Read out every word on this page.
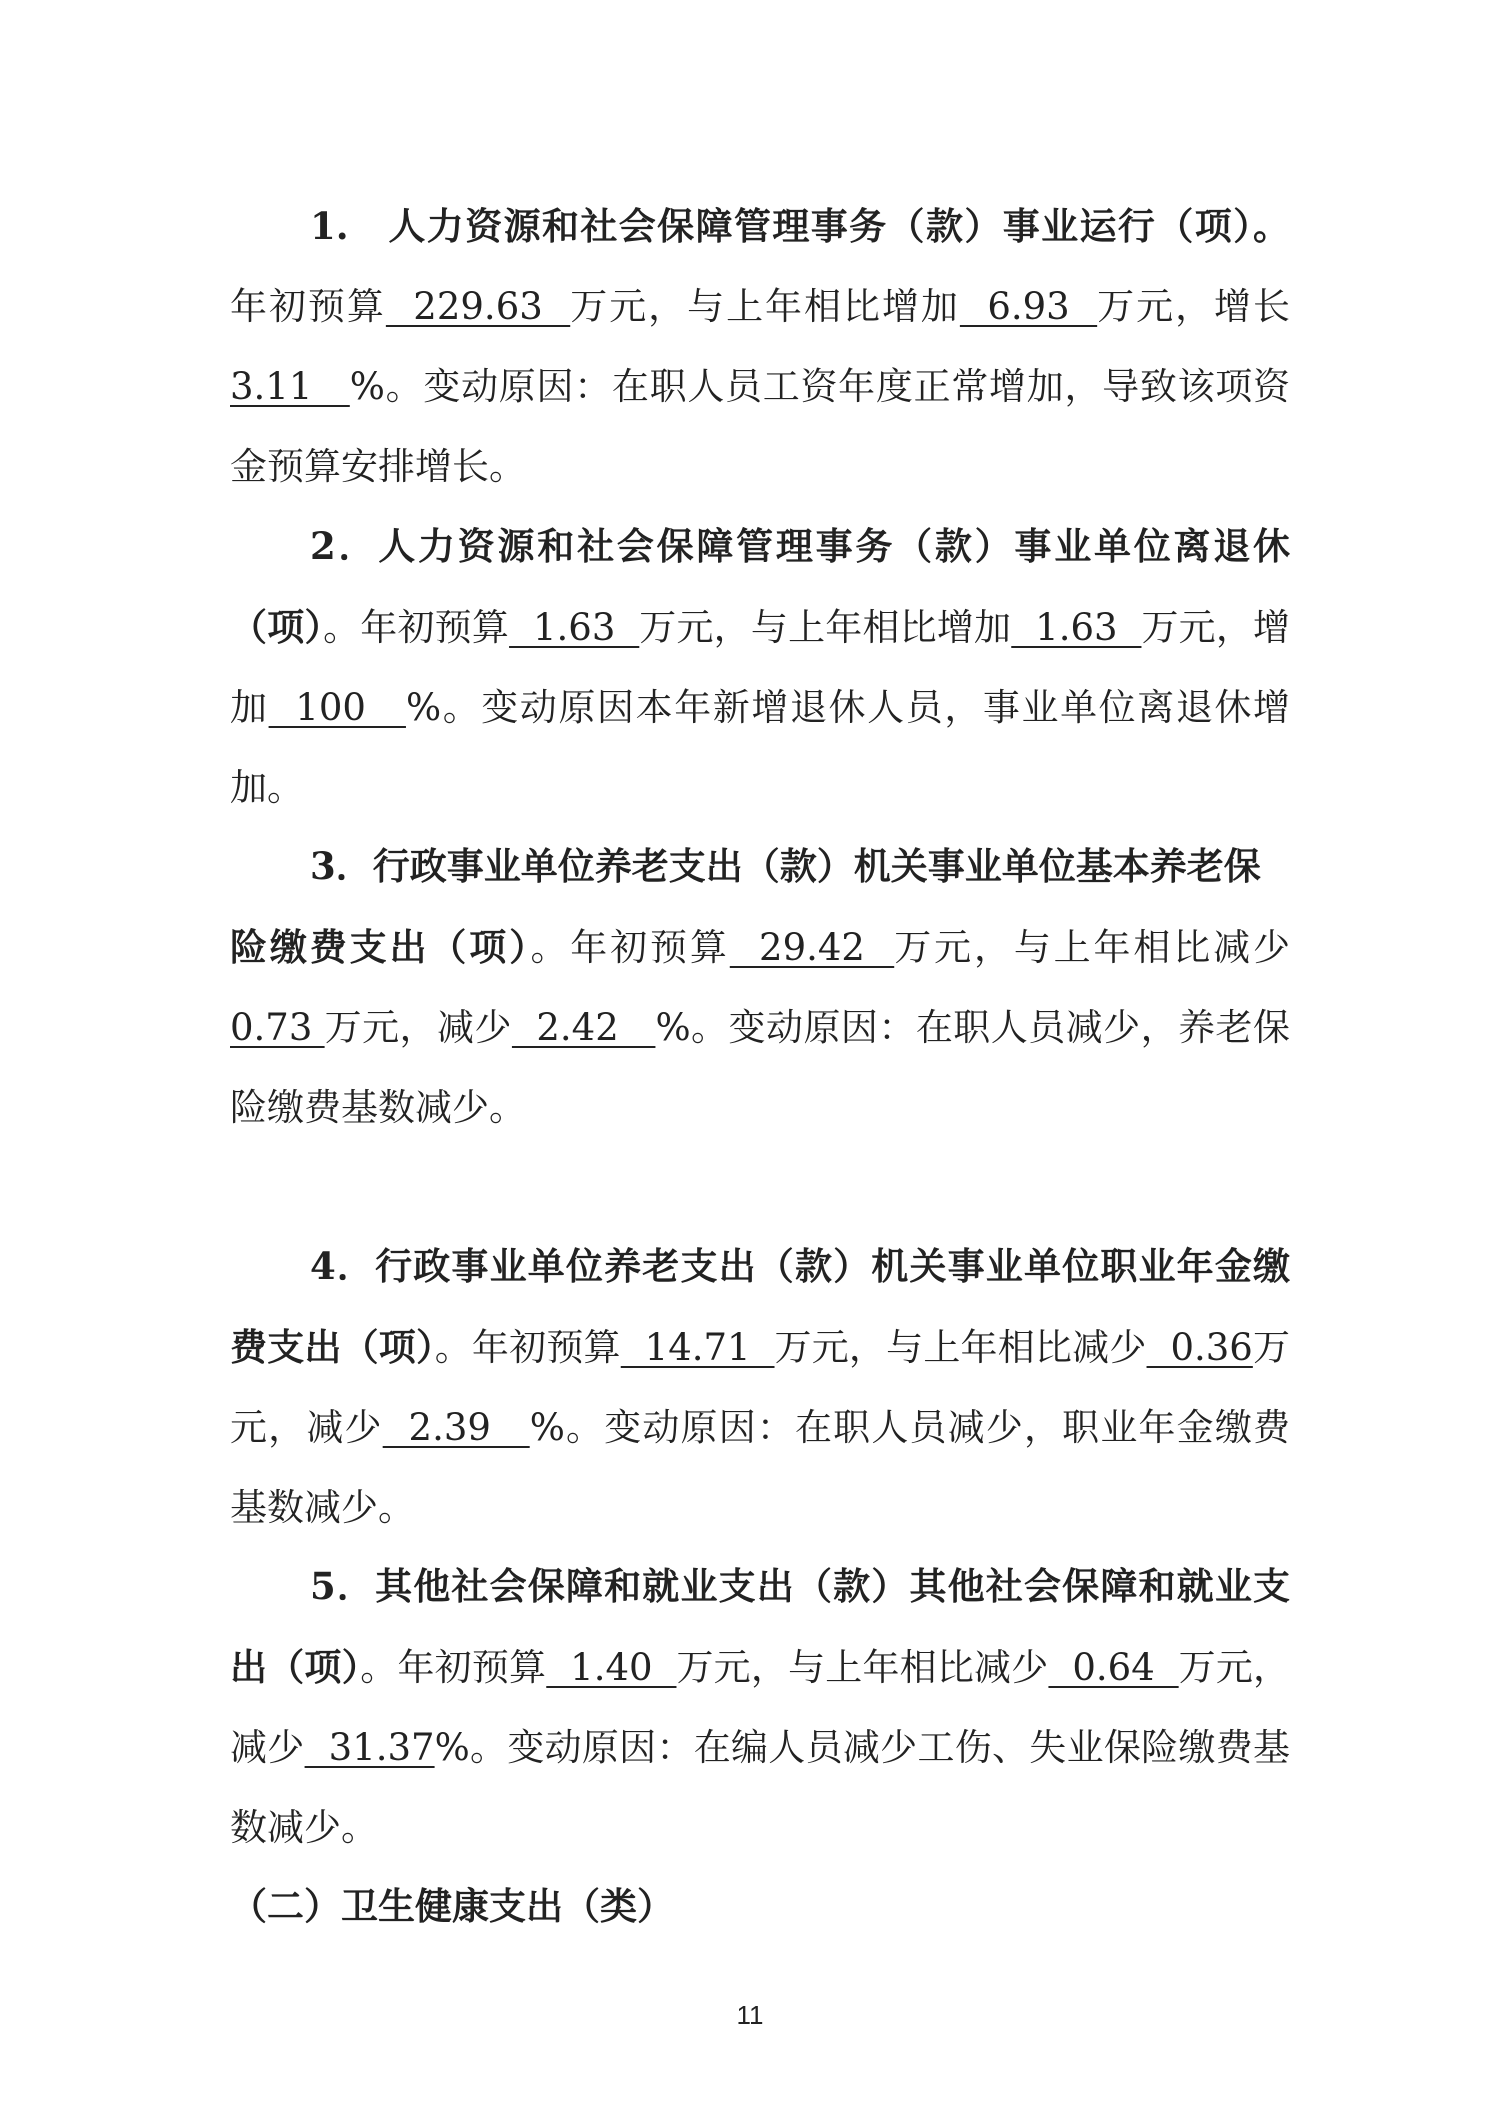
1.　人力资源和社会保障管理事务（款）事业运行（项）。年初预算  229.63  万元，与上年相比增加  6.93  万元，增长3.11   %。变动原因：在职人员工资年度正常增加，导致该项资金预算安排增长。

2．人力资源和社会保障管理事务（款）事业单位离退休（项）。年初预算  1.63  万元，与上年相比增加  1.63  万元，增加  100   %。变动原因本年新增退休人员，事业单位离退休增加。

3．行政事业单位养老支出（款）机关事业单位基本养老保
险缴费支出（项）。年初预算  29.42  万元，与上年相比减少0.73 万元，减少  2.42   %。变动原因：在职人员减少，养老保险缴费基数减少。

4．行政事业单位养老支出（款）机关事业单位职业年金缴费支出（项）。年初预算  14.71  万元，与上年相比减少  0.36万元，减少  2.39   %。变动原因：在职人员减少，职业年金缴费基数减少。

5．其他社会保障和就业支出（款）其他社会保障和就业支出（项）。年初预算  1.40  万元，与上年相比减少  0.64  万元，减少  31.37%。变动原因：在编人员减少工伤、失业保险缴费基数减少。

（二）卫生健康支出（类）
11
